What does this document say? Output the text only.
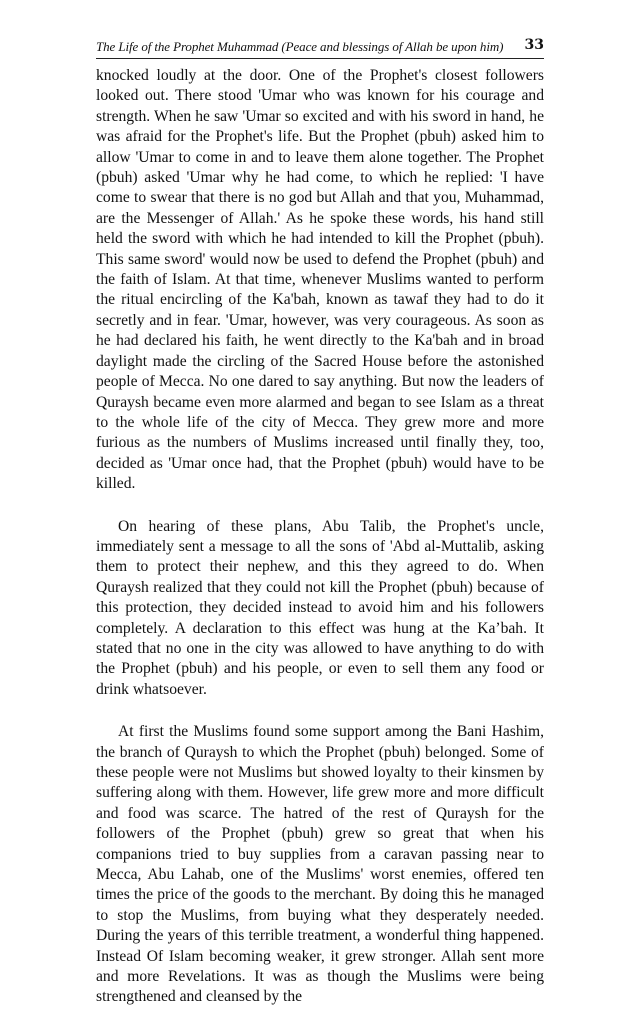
The Life of the Prophet Muhammad (Peace and blessings of Allah be upon him) 33

knocked loudly at the door. One of the Prophet's closest followers looked out. There stood 'Umar who was known for his courage and strength. When he saw 'Umar so excited and with his sword in hand, he was afraid for the Prophet's life. But the Prophet (pbuh) asked him to allow 'Umar to come in and to leave them alone together. The Prophet (pbuh) asked 'Umar why he had come, to which he replied: 'I have come to swear that there is no god but Allah and that you, Muhammad, are the Messenger of Allah.' As he spoke these words, his hand still held the sword with which he had intended to kill the Prophet (pbuh). This same sword' would now be used to defend the Prophet (pbuh) and the faith of Islam. At that time, whenever Muslims wanted to perform the ritual encircling of the Ka'bah, known as tawaf they had to do it secretly and in fear. 'Umar, however, was very courageous. As soon as he had declared his faith, he went directly to the Ka'bah and in broad daylight made the circling of the Sacred House before the astonished people of Mecca. No one dared to say anything. But now the leaders of Quraysh became even more alarmed and began to see Islam as a threat to the whole life of the city of Mecca. They grew more and more furious as the numbers of Muslims increased until finally they, too, decided as 'Umar once had, that the Prophet (pbuh) would have to be killed.

On hearing of these plans, Abu Talib, the Prophet's uncle, immediately sent a message to all the sons of 'Abd al-Muttalib, asking them to protect their nephew, and this they agreed to do. When Quraysh realized that they could not kill the Prophet (pbuh) because of this protection, they decided instead to avoid him and his followers completely. A declaration to this effect was hung at the Ka’bah. It stated that no one in the city was allowed to have anything to do with the Prophet (pbuh) and his people, or even to sell them any food or drink whatsoever.

At first the Muslims found some support among the Bani Hashim, the branch of Quraysh to which the Prophet (pbuh) belonged. Some of these people were not Muslims but showed loyalty to their kinsmen by suffering along with them. However, life grew more and more difficult and food was scarce. The hatred of the rest of Quraysh for the followers of the Prophet (pbuh) grew so great that when his companions tried to buy supplies from a caravan passing near to Mecca, Abu Lahab, one of the Muslims' worst enemies, offered ten times the price of the goods to the merchant. By doing this he managed to stop the Muslims, from buying what they desperately needed. During the years of this terrible treatment, a wonderful thing happened. Instead Of Islam becoming weaker, it grew stronger. Allah sent more and more Revelations. It was as though the Muslims were being strengthened and cleansed by the
